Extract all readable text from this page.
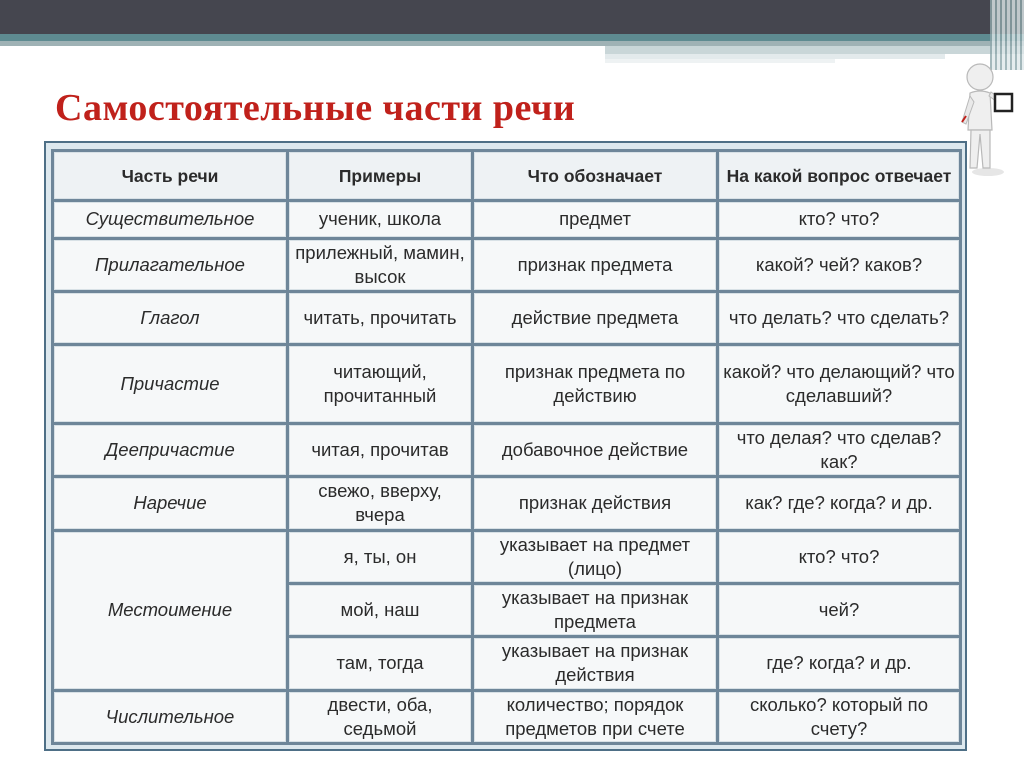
Самостоятельные части речи
Часть речи	Примеры	Что обозначает	На какой вопрос отвечает
Существительное	ученик, школа	предмет	кто? что?
Прилагательное	прилежный, мамин, высок	признак предмета	какой? чей? каков?
Глагол	читать, прочитать	действие предмета	что делать? что сделать?
Причастие	читающий, прочитанный	признак предмета по действию	какой? что делающий? что сделавший?
Деепричастие	читая, прочитав	добавочное действие	что делая? что сделав? как?
Наречие	свежо, вверху, вчера	признак действия	как? где? когда? и др.
Местоимение	я, ты, он	указывает на предмет (лицо)	кто? что?
	мой, наш	указывает на признак предмета	чей?
	там, тогда	указывает на признак действия	где? когда? и др.
Числительное	двести, оба, седьмой	количество; порядок предметов при счете	сколько? который по счету?
